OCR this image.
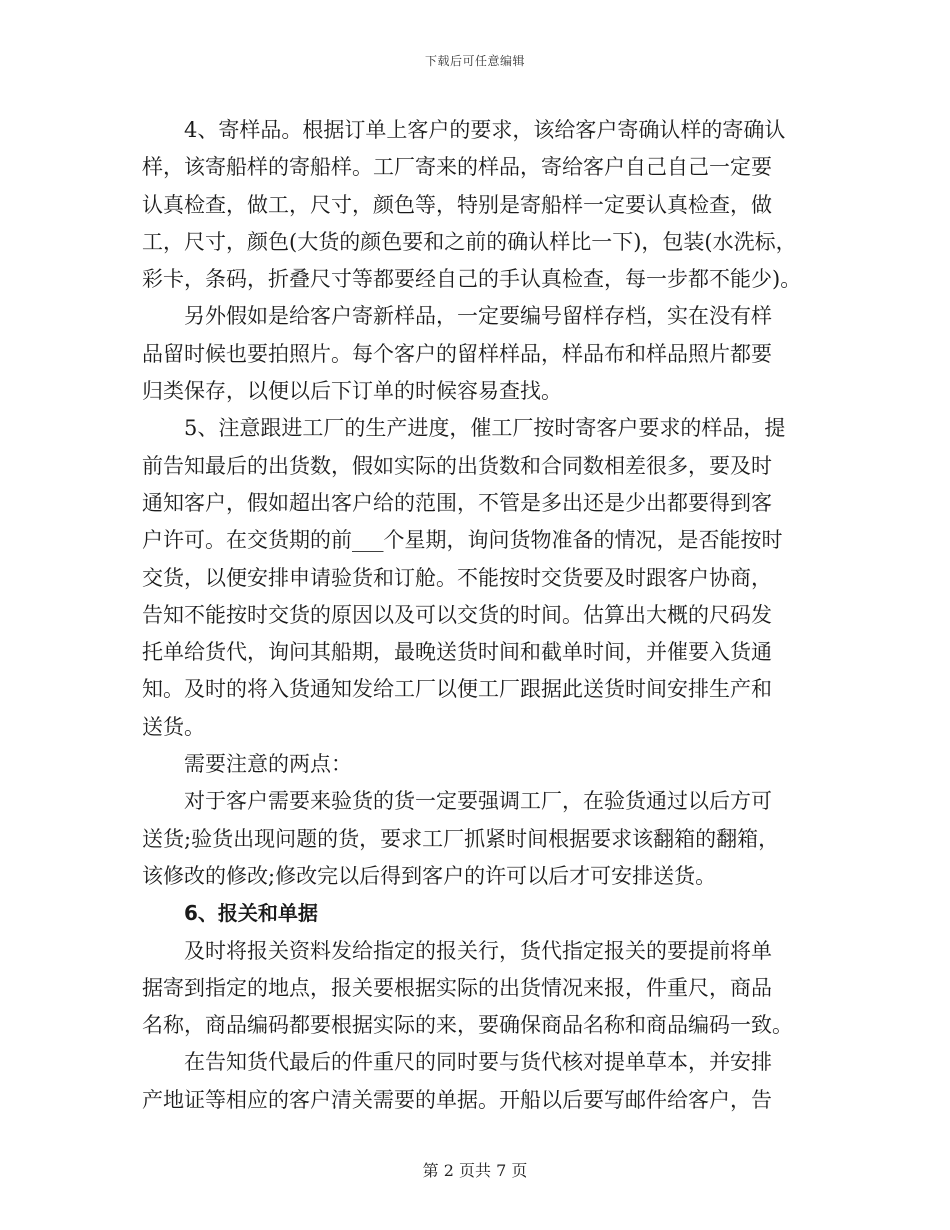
下载后可任意编辑
4、寄样品。根据订单上客户的要求，该给客户寄确认样的寄确认
样，该寄船样的寄船样。工厂寄来的样品，寄给客户自己自己一定要
认真检查，做工，尺寸，颜色等，特别是寄船样一定要认真检查，做
工，尺寸，颜色(大货的颜色要和之前的确认样比一下)，包装(水洗标，
彩卡，条码，折叠尺寸等都要经自己的手认真检查，每一步都不能少)。
另外假如是给客户寄新样品，一定要编号留样存档，实在没有样
品留时候也要拍照片。每个客户的留样样品，样品布和样品照片都要
归类保存，以便以后下订单的时候容易查找。
5、注意跟进工厂的生产进度，催工厂按时寄客户要求的样品，提
前告知最后的出货数，假如实际的出货数和合同数相差很多，要及时
通知客户，假如超出客户给的范围，不管是多出还是少出都要得到客
户许可。在交货期的前___个星期，询问货物准备的情况，是否能按时
交货，以便安排申请验货和订舱。不能按时交货要及时跟客户协商，
告知不能按时交货的原因以及可以交货的时间。估算出大概的尺码发
托单给货代，询问其船期，最晚送货时间和截单时间，并催要入货通
知。及时的将入货通知发给工厂以便工厂跟据此送货时间安排生产和
送货。
需要注意的两点：
对于客户需要来验货的货一定要强调工厂，在验货通过以后方可
送货;验货出现问题的货，要求工厂抓紧时间根据要求该翻箱的翻箱，
该修改的修改;修改完以后得到客户的许可以后才可安排送货。
6、报关和单据
及时将报关资料发给指定的报关行，货代指定报关的要提前将单
据寄到指定的地点，报关要根据实际的出货情况来报，件重尺，商品
名称，商品编码都要根据实际的来，要确保商品名称和商品编码一致。
在告知货代最后的件重尺的同时要与货代核对提单草本，并安排
产地证等相应的客户清关需要的单据。开船以后要写邮件给客户，告
第 2 页共 7 页
